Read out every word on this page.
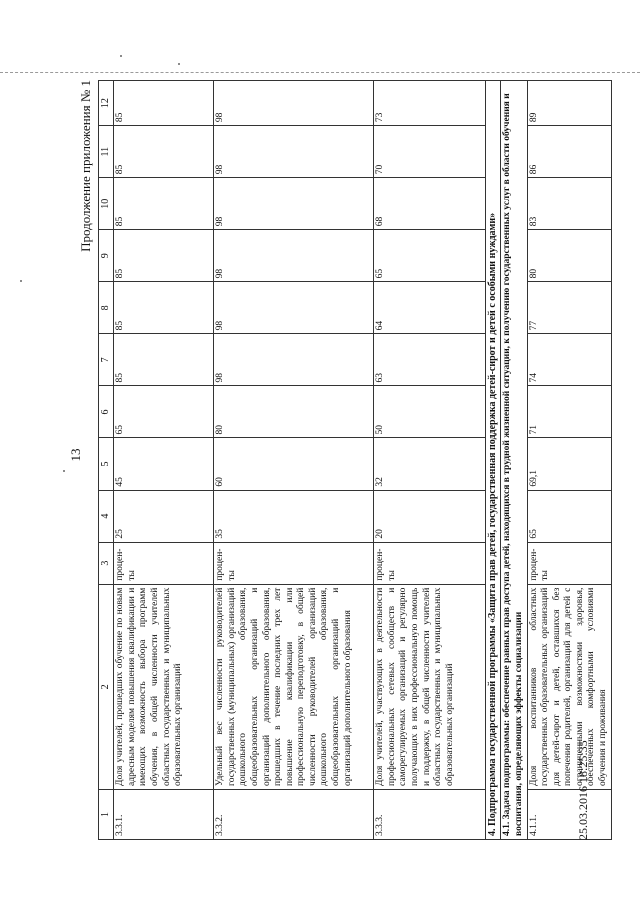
13
Продолжение приложения № 1
1	2	3	4	5	6	7	8	9	10	11	12
3.3.1.	Доля учителей, прошедших обучение по новым адресным моделям повышения квалификации и имеющих возможность выбора программ обучения, в общей численности учителей областных государственных и муниципальных образовательных организаций	процен-ты	25	45	65	85	85	85	85	85	85
3.3.2.	Удельный вес численности руководителей государственных (муниципальных) организаций дошкольного образования, общеобразовательных организаций и организаций дополнительного образования, прошедших в течение последних трех лет повышение квалификации или профессиональную переподготовку, в общей численности руководителей организаций дошкольного образования, общеобразовательных организаций и организаций дополнительного образования	процен-ты	35	60	80	98	98	98	98	98	98
3.3.3.	Доля учителей, участвующих в деятельности профессиональных сетевых сообществ и саморегулируемых организаций и регулярно получающих в них профессиональную помощь и поддержку, в общей численности учителей областных государственных и муниципальных образовательных организаций	процен-ты	20	32	50	63	64	65	68	70	73
4. Подпрограмма государственной программы «Защита прав детей, государственная поддержка детей-сирот и детей с особыми нуждами»											
4.1. Задача подпрограммы: обеспечение равных прав доступа детей, находящихся в трудной жизненной ситуации, к получению государственных услуг в области обучения и воспитания, определяющих эффекты социализации											
4.1.1.	Доля воспитанников областных государственных образовательных организаций для детей-сирот и детей, оставшихся без попечения родителей, организаций для детей с ограниченными возможностями здоровья, обеспеченных комфортными условиями обучения и проживания	процен-ты	65	69,1	71	74	77	80	83	86	89
25.03.2016 18:25:35
